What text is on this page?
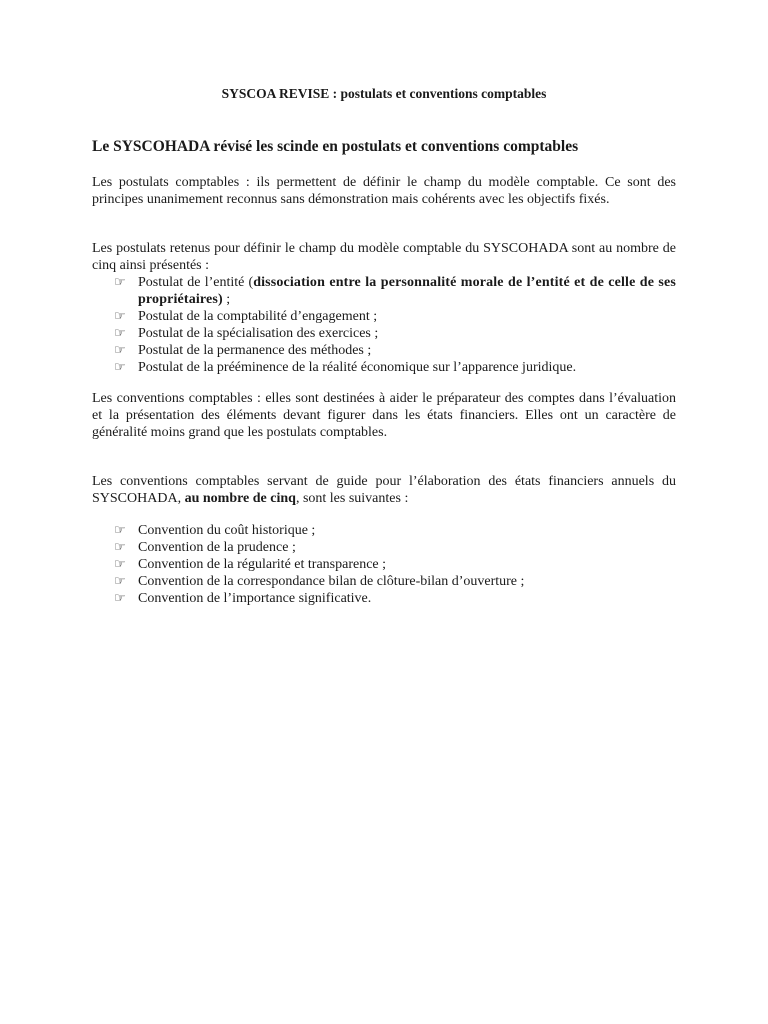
SYSCOA REVISE : postulats et conventions comptables
Le SYSCOHADA révisé les scinde en postulats et conventions comptables

Les postulats comptables : ils permettent de définir le champ du modèle comptable. Ce sont des principes unanimement reconnus sans démonstration mais cohérents avec les objectifs fixés.

Les postulats retenus pour définir le champ du modèle comptable du SYSCOHADA sont au nombre de cinq ainsi présentés :

☞ Postulat de l’entité (dissociation entre la personnalité morale de l’entité et de celle de ses propriétaires) ;
☞ Postulat de la comptabilité d’engagement ;
☞ Postulat de la spécialisation des exercices ;
☞ Postulat de la permanence des méthodes ;
☞ Postulat de la prééminence de la réalité économique sur l’apparence juridique.

Les conventions comptables : elles sont destinées à aider le préparateur des comptes dans l’évaluation et la présentation des éléments devant figurer dans les états financiers. Elles ont un caractère de généralité moins grand que les postulats comptables.

Les conventions comptables servant de guide pour l’élaboration des états financiers annuels du SYSCOHADA, au nombre de cinq, sont les suivantes :

☞ Convention du coût historique ;
☞ Convention de la prudence ;
☞ Convention de la régularité et transparence ;
☞ Convention de la correspondance bilan de clôture-bilan d’ouverture ;
☞ Convention de l’importance significative.
